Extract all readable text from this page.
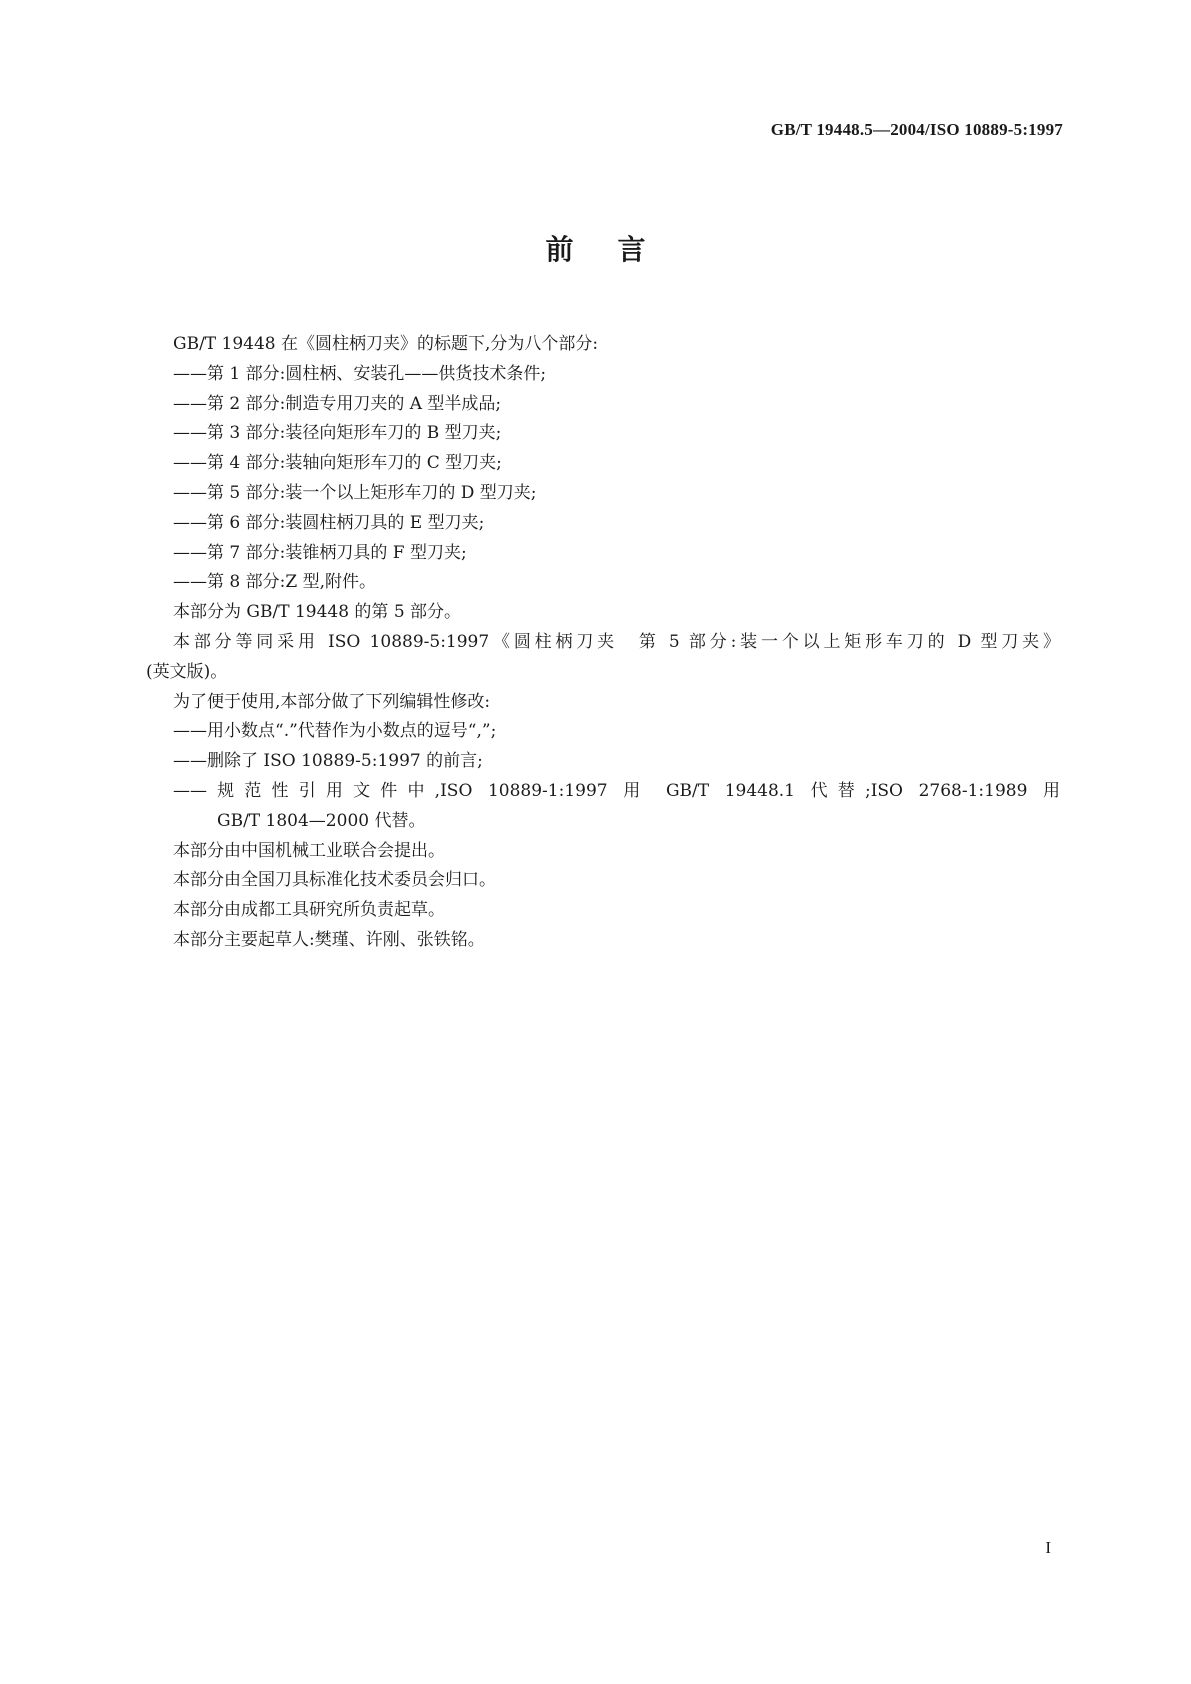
GB/T 19448.5—2004/ISO 10889-5:1997

前言

GB/T 19448 在《圆柱柄刀夹》的标题下,分为八个部分:

——第 1 部分:圆柱柄、安装孔——供货技术条件;

——第 2 部分:制造专用刀夹的 A 型半成品;

——第 3 部分:装径向矩形车刀的 B 型刀夹;

——第 4 部分:装轴向矩形车刀的 C 型刀夹;

——第 5 部分:装一个以上矩形车刀的 D 型刀夹;

——第 6 部分:装圆柱柄刀具的 E 型刀夹;

——第 7 部分:装锥柄刀具的 F 型刀夹;

——第 8 部分:Z 型,附件。

本部分为 GB/T 19448 的第 5 部分。

本部分等同采用 ISO 10889-5:1997《圆柱柄刀夹　第 5 部分:装一个以上矩形车刀的 D 型刀夹》

(英文版)。

为了便于使用,本部分做了下列编辑性修改:

——用小数点“.”代替作为小数点的逗号“,”;

——删除了 ISO 10889-5:1997 的前言;

——规范性引用文件中,ISO 10889-1:1997 用 GB/T 19448.1 代替;ISO 2768-1:1989 用

GB/T 1804—2000 代替。

本部分由中国机械工业联合会提出。

本部分由全国刀具标准化技术委员会归口。

本部分由成都工具研究所负责起草。

本部分主要起草人:樊瑾、许刚、张铁铭。

I
